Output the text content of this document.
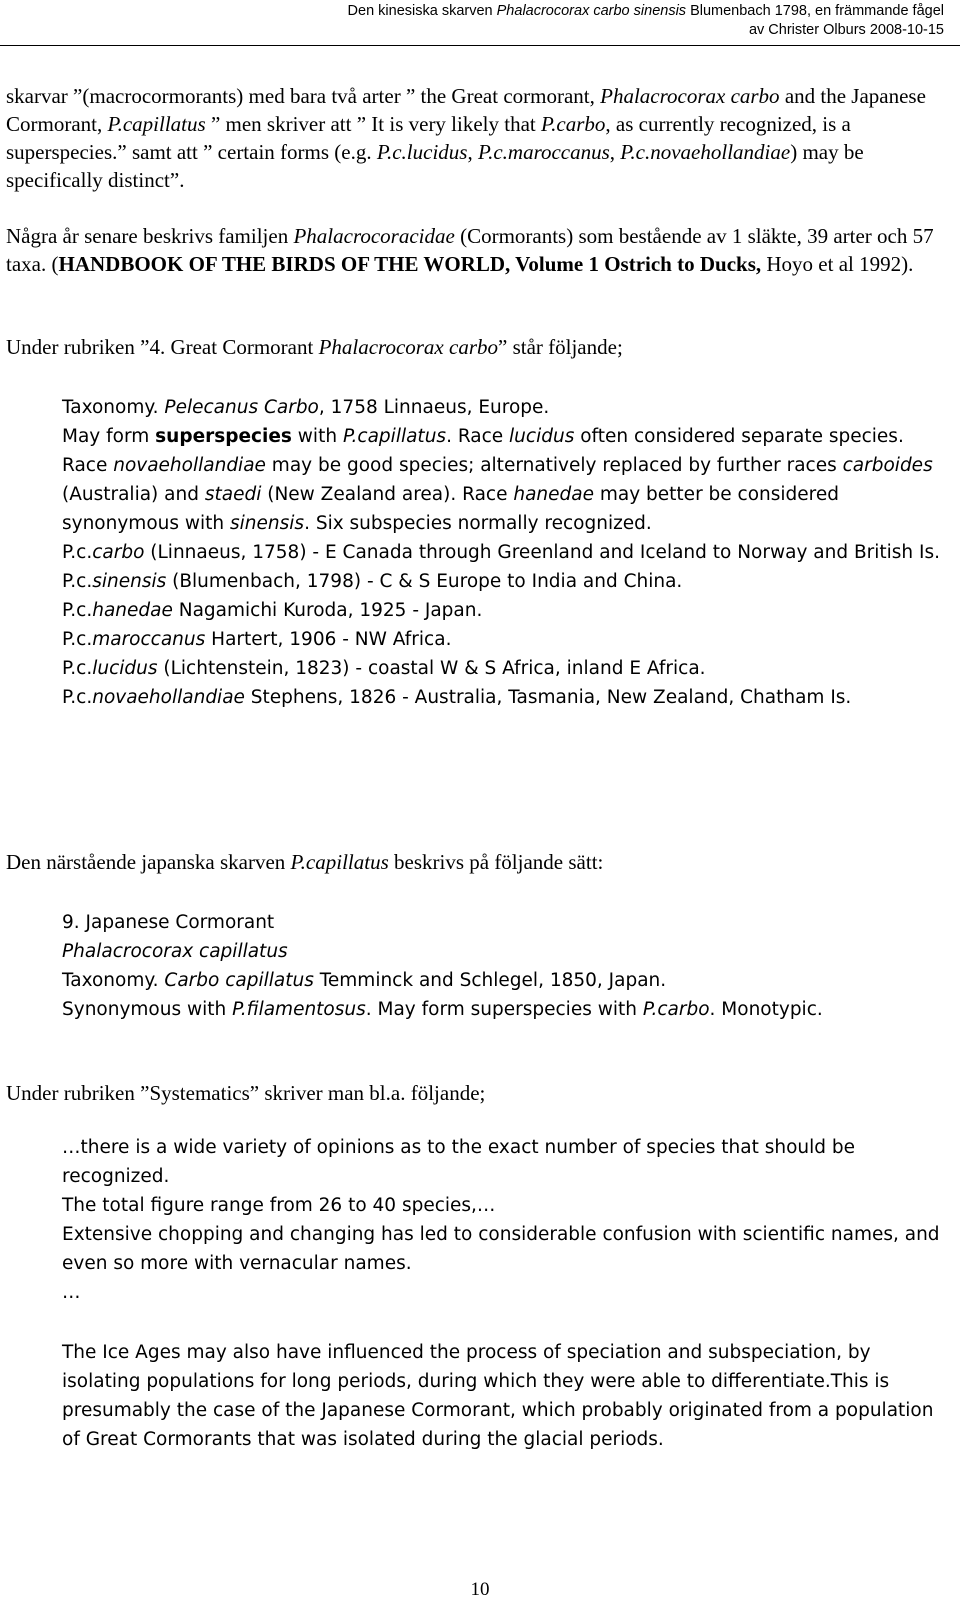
Den kinesiska skarven Phalacrocorax carbo sinensis Blumenbach 1798, en främmande fågel
av Christer Olburs 2008-10-15

skarvar ”(macrocormorants) med bara två arter ” the Great cormorant, Phalacrocorax carbo and the Japanese Cormorant, P.capillatus ” men skriver att ” It is very likely that P.carbo, as currently recognized, is a superspecies.” samt att ” certain forms (e.g. P.c.lucidus, P.c.maroccanus, P.c.novaehollandiae) may be specifically distinct”.

Några år senare beskrivs familjen Phalacrocoracidae (Cormorants) som bestående av 1 släkte, 39 arter och 57 taxa. (HANDBOOK OF THE BIRDS OF THE WORLD, Volume 1 Ostrich to Ducks, Hoyo et al 1992).

Under rubriken ”4. Great Cormorant Phalacrocorax carbo” står följande;

Taxonomy. Pelecanus Carbo, 1758 Linnaeus, Europe.

May form superspecies with P.capillatus. Race lucidus often considered separate species. Race novaehollandiae may be good species; alternatively replaced by further races carboides (Australia) and staedi (New Zealand area). Race hanedae may better be considered synonymous with sinensis. Six subspecies normally recognized.

P.c.carbo (Linnaeus, 1758) - E Canada through Greenland and Iceland to Norway and British Is.

P.c.sinensis (Blumenbach, 1798) - C & S Europe to India and China.

P.c.hanedae Nagamichi Kuroda, 1925 - Japan.

P.c.maroccanus Hartert, 1906 - NW Africa.

P.c.lucidus (Lichtenstein, 1823) - coastal W & S Africa, inland E Africa.

P.c.novaehollandiae Stephens, 1826 - Australia, Tasmania, New Zealand, Chatham Is.

Den närstående japanska skarven P.capillatus beskrivs på följande sätt:

9. Japanese Cormorant

Phalacrocorax capillatus

Taxonomy. Carbo capillatus Temminck and Schlegel, 1850, Japan.

Synonymous with P.filamentosus. May form superspecies with P.carbo. Monotypic.

Under rubriken ”Systematics” skriver man bl.a. följande;

…there is a wide variety of opinions as to the exact number of species that should be recognized.

The total figure range from 26 to 40 species,…

Extensive chopping and changing has led to considerable confusion with scientific names, and even so more with vernacular names.

…

The Ice Ages may also have influenced the process of speciation and subspeciation, by isolating populations for long periods, during which they were able to differentiate.This is presumably the case of the Japanese Cormorant, which probably originated from a population of Great Cormorants that was isolated during the glacial periods.

10
